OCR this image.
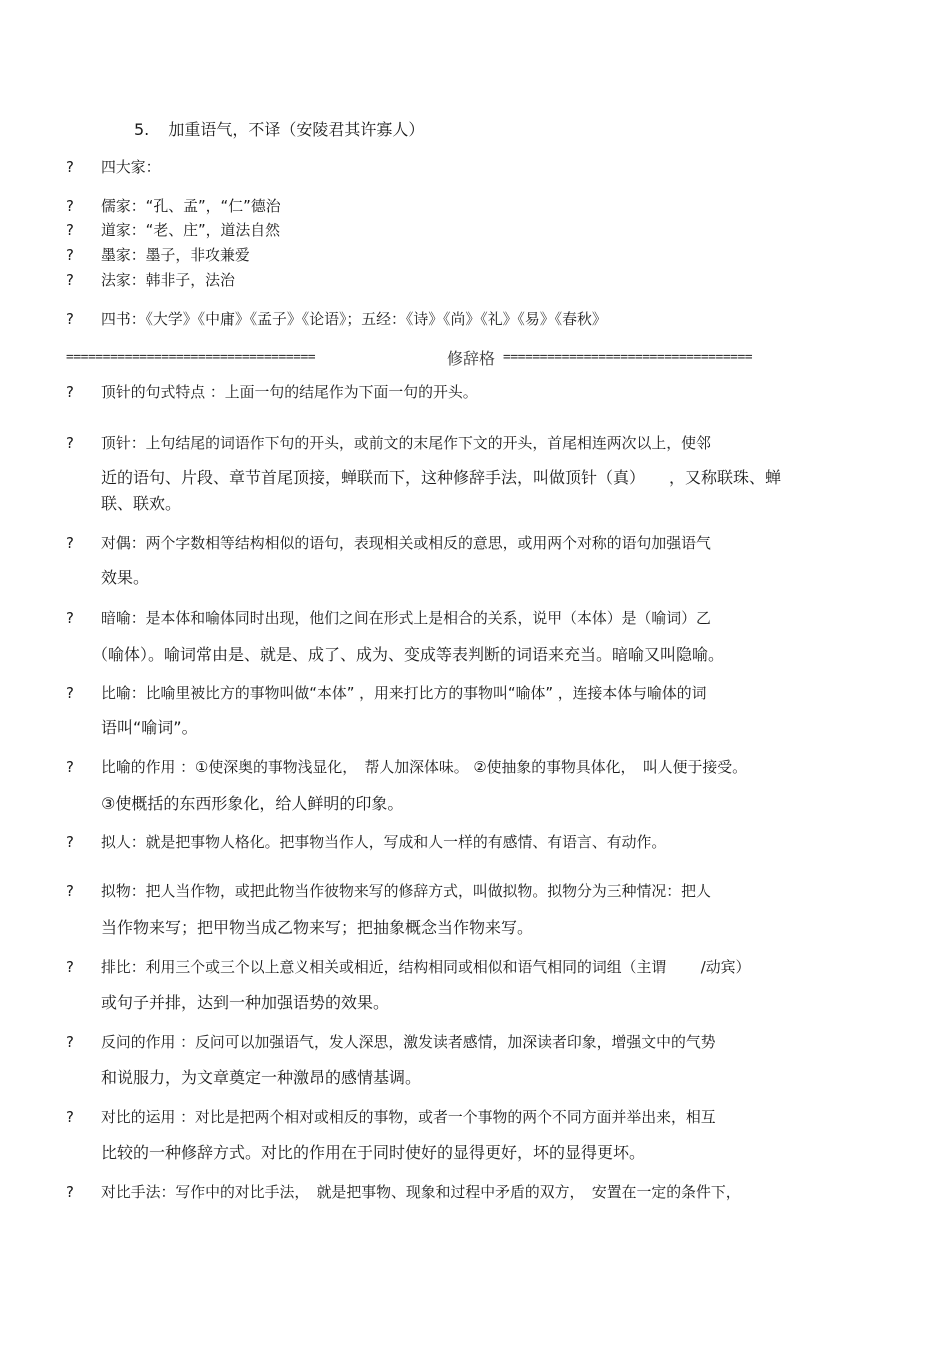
5. 加重语气，不译（安陵君其许寡人）
?	四大家：
?	儒家：“孔、孟”，“仁”德治
?	道家：“老、庄”，道法自然
?	墨家：墨子，非攻兼爱
?	法家：韩非子，法治
?	四书：《大学》《中庸》《孟子》《论语》；五经：《诗》《尚》《礼》《易》《春秋》
==================================	修辞格 ==================================
?	顶针的句式特点 ：上面一句的结尾作为下面一句的开头。
?	顶针：上句结尾的词语作下句的开头，或前文的末尾作下文的开头，首尾相连两次以上，使邻
近的语句、片段、章节首尾顶接，蝉联而下，这种修辞手法，叫做顶针（真）　　，又称联珠、蝉
联、联欢。
?	对偶：两个字数相等结构相似的语句，表现相关或相反的意思，或用两个对称的语句加强语气
效果。
?	暗喻：是本体和喻体同时出现，他们之间在形式上是相合的关系，说甲（本体）是（喻词）乙
（喻体）。喻词常由是、就是、成了、成为、变成等表判断的词语来充当。暗喻又叫隐喻。
?	比喻：比喻里被比方的事物叫做“本体” ，用来打比方的事物叫“喻体” ，连接本体与喻体的词
语叫“喻词”。
?	比喻的作用 ：①使深奥的事物浅显化，　帮人加深体味。 ②使抽象的事物具体化，　叫人便于接受。
③使概括的东西形象化，给人鲜明的印象。
?	拟人：就是把事物人格化。把事物当作人，写成和人一样的有感情、有语言、有动作。
?	拟物：把人当作物，或把此物当作彼物来写的修辞方式，叫做拟物。拟物分为三种情况：把人
当作物来写；把甲物当成乙物来写；把抽象概念当作物来写。
?	排比：利用三个或三个以上意义相关或相近，结构相同或相似和语气相同的词组（主谓　　 /动宾）
或句子并排，达到一种加强语势的效果。
?	反问的作用 ：反问可以加强语气，发人深思，激发读者感情，加深读者印象，增强文中的气势
和说服力，为文章奠定一种激昂的感情基调。
?	对比的运用 ：对比是把两个相对或相反的事物，或者一个事物的两个不同方面并举出来，相互
比较的一种修辞方式。对比的作用在于同时使好的显得更好，坏的显得更坏。
?	对比手法：写作中的对比手法，　就是把事物、现象和过程中矛盾的双方，　安置在一定的条件下，
